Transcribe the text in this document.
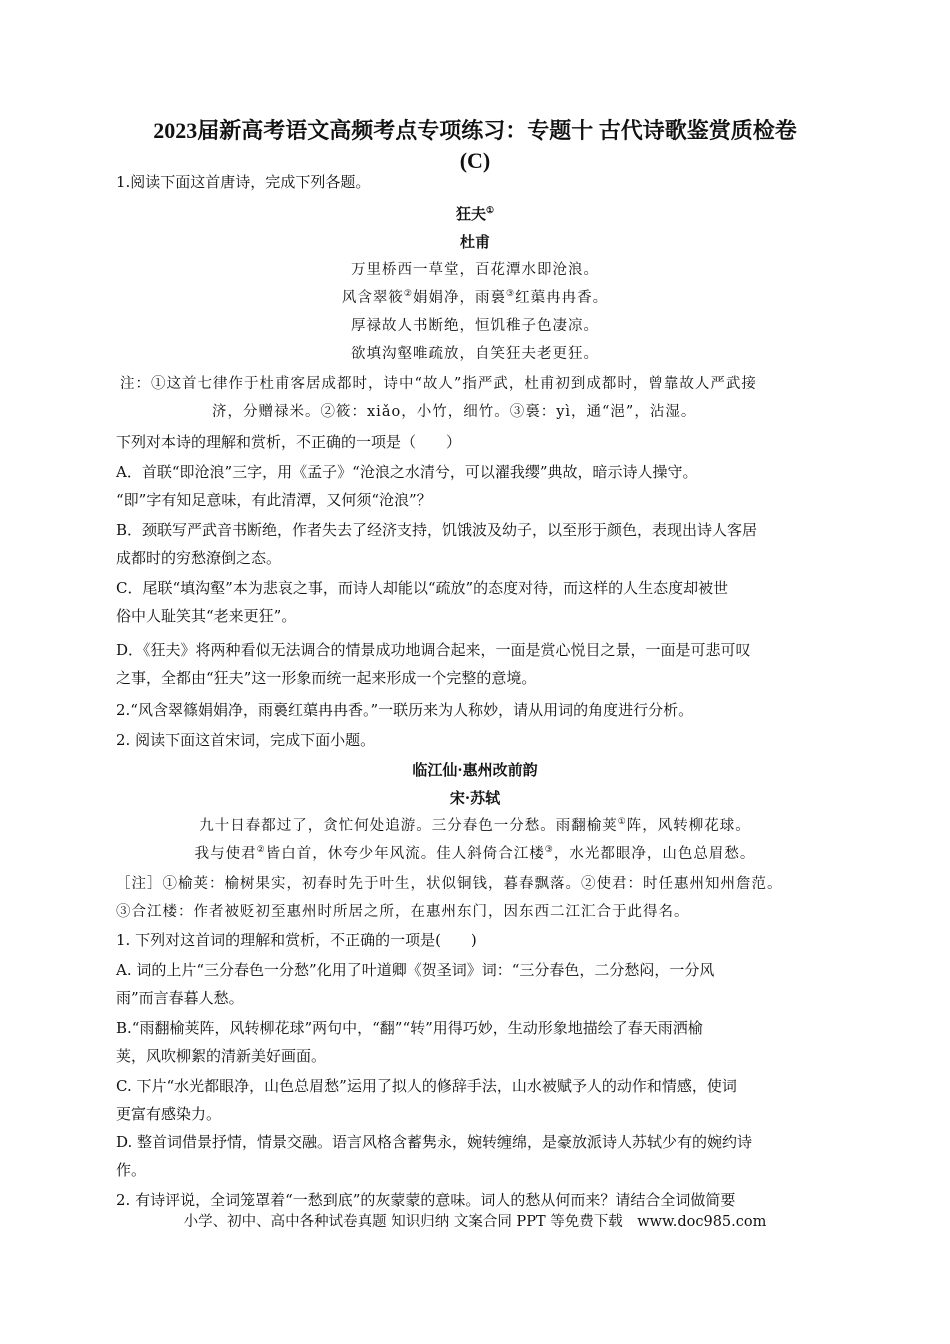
2023届新高考语文高频考点专项练习：专题十 古代诗歌鉴赏质检卷
(C)
1.阅读下面这首唐诗，完成下列各题。
狂夫①
杜甫
万里桥西一草堂，百花潭水即沧浪。
风含翠筱②娟娟净，雨裛③红蕖冉冉香。
厚禄故人书断绝，恒饥稚子色凄凉。
欲填沟壑唯疏放，自笑狂夫老更狂。
注：①这首七律作于杜甫客居成都时，诗中“故人”指严武，杜甫初到成都时，曾靠故人严武接
济，分赠禄米。②筱：xiǎo，小竹，细竹。③裛：yì，通“浥”，沾湿。
下列对本诗的理解和赏析，不正确的一项是（　　）
A．首联“即沧浪”三字，用《孟子》“沧浪之水清兮，可以濯我缨”典故，暗示诗人操守。
“即”字有知足意味，有此清潭，又何须“沧浪”？
B．颈联写严武音书断绝，作者失去了经济支持，饥饿波及幼子，以至形于颜色，表现出诗人客居
成都时的穷愁潦倒之态。
C．尾联“填沟壑”本为悲哀之事，而诗人却能以“疏放”的态度对待，而这样的人生态度却被世
俗中人耻笑其“老来更狂”。
D．《狂夫》将两种看似无法调合的情景成功地调合起来，一面是赏心悦目之景，一面是可悲可叹
之事，全都由“狂夫”这一形象而统一起来形成一个完整的意境。
2.“风含翠篠娟娟净，雨裛红蕖冉冉香。”一联历来为人称妙，请从用词的角度进行分析。
2. 阅读下面这首宋词，完成下面小题。
临江仙·惠州改前韵
宋·苏轼
九十日春都过了，贪忙何处追游。三分春色一分愁。雨翻榆荚①阵，风转柳花球。
我与使君②皆白首，休夸少年风流。佳人斜倚合江楼③，水光都眼净，山色总眉愁。
［注］①榆荚：榆树果实，初春时先于叶生，状似铜钱，暮春飘落。②使君：时任惠州知州詹范。
③合江楼：作者被贬初至惠州时所居之所，在惠州东门，因东西二江汇合于此得名。
1. 下列对这首词的理解和赏析，不正确的一项是(　　)
A. 词的上片“三分春色一分愁”化用了叶道卿《贺圣词》词：“三分春色，二分愁闷，一分风
雨”而言春暮人愁。
B.“雨翻榆荚阵，风转柳花球”两句中，“翻”“转”用得巧妙，生动形象地描绘了春天雨洒榆
荚，风吹柳絮的清新美好画面。
C. 下片“水光都眼净，山色总眉愁”运用了拟人的修辞手法，山水被赋予人的动作和情感，使词
更富有感染力。
D. 整首词借景抒情，情景交融。语言风格含蓄隽永，婉转缠绵，是豪放派诗人苏轼少有的婉约诗
作。
2. 有诗评说，全词笼罩着“一愁到底”的灰蒙蒙的意味。词人的愁从何而来？请结合全词做简要
小学、初中、高中各种试卷真题 知识归纳 文案合同 PPT 等免费下载　www.doc985.com
